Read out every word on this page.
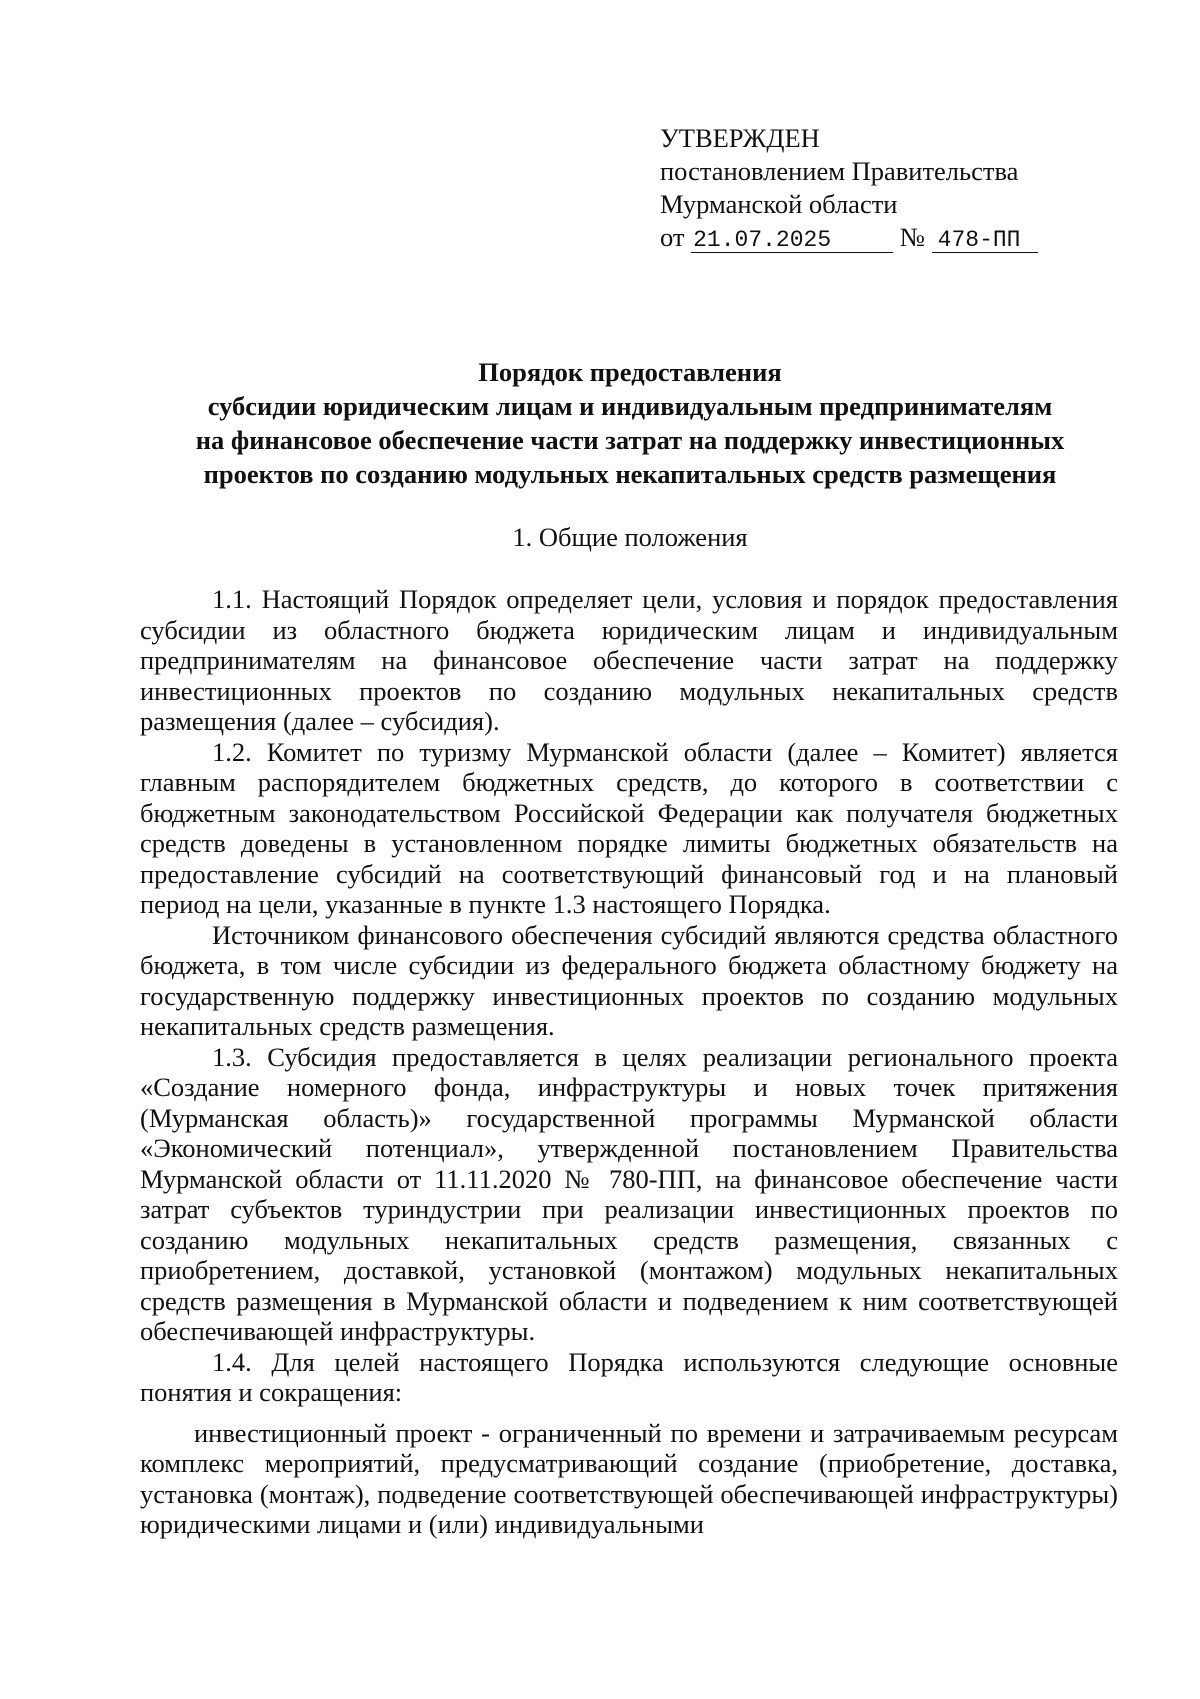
УТВЕРЖДЕН
постановлением Правительства
Мурманской области
от 21.07.2025	№ 478-ПП
Порядок предоставления
субсидии юридическим лицам и индивидуальным предпринимателям
на финансовое обеспечение части затрат на поддержку инвестиционных
проектов по созданию модульных некапитальных средств размещения
1. Общие положения

1.1. Настоящий Порядок определяет цели, условия и порядок предоставления субсидии из областного бюджета юридическим лицам и индивидуальным предпринимателям на финансовое обеспечение части затрат на поддержку инвестиционных проектов по созданию модульных некапитальных средств размещения (далее – субсидия).

1.2. Комитет по туризму Мурманской области (далее – Комитет) является главным распорядителем бюджетных средств, до которого в соответствии с бюджетным законодательством Российской Федерации как получателя бюджетных средств доведены в установленном порядке лимиты бюджетных обязательств на предоставление субсидий на соответствующий финансовый год и на плановый период на цели, указанные в пункте 1.3 настоящего Порядка.

Источником финансового обеспечения субсидий являются средства областного бюджета, в том числе субсидии из федерального бюджета областному бюджету на государственную поддержку инвестиционных проектов по созданию модульных некапитальных средств размещения.

1.3. Субсидия предоставляется в целях реализации регионального проекта «Создание номерного фонда, инфраструктуры и новых точек притяжения (Мурманская область)» государственной программы Мурманской области «Экономический потенциал», утвержденной постановлением Правительства Мурманской области от 11.11.2020 № 780-ПП, на финансовое обеспечение части затрат субъектов туриндустрии при реализации инвестиционных проектов по созданию модульных некапитальных средств размещения, связанных с приобретением, доставкой, установкой (монтажом) модульных некапитальных средств размещения в Мурманской области и подведением к ним соответствующей обеспечивающей инфраструктуры.

1.4. Для целей настоящего Порядка используются следующие основные понятия и сокращения:

инвестиционный проект - ограниченный по времени и затрачиваемым ресурсам комплекс мероприятий, предусматривающий создание (приобретение, доставка, установка (монтаж), подведение соответствующей обеспечивающей инфраструктуры) юридическими лицами и (или) индивидуальными
